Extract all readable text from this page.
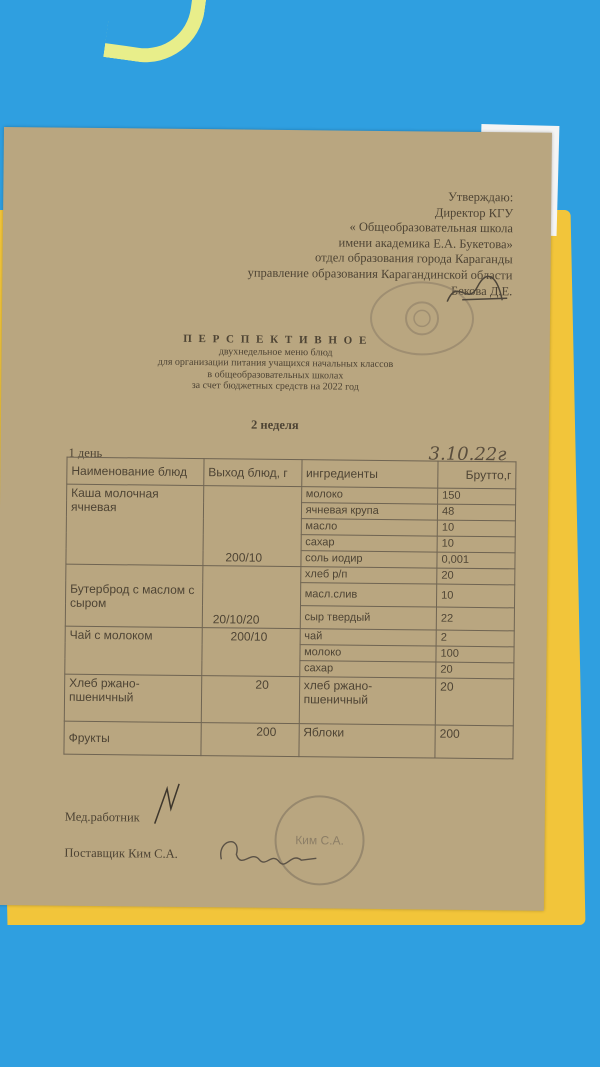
Утверждаю:
Директор КГУ
« Общеобразовательная школа
имени академика Е.А. Букетова»
отдел образования города Караганды
управление образования Карагандинской области
Бекова Д.Е.
П Е Р С П Е К Т И В Н О Е
двухнедельное меню блюд
для организации питания учащихся начальных классов
в общеобразовательных школах
за счет бюджетных средств на 2022 год
2 неделя
1 день	3.10.22г
Наименование блюд	Выход блюд, г	ингредиенты	Брутто,г
Каша молочная ячневая	200/10	молоко	150
		ячневая крупа	48
		масло	10
		сахар	10
		соль иодир	0,001
Бутерброд с маслом с сыром	20/10/20	хлеб р/п	20
		масл.слив	10
		сыр твердый	22
Чай с молоком	200/10	чай	2
		молоко	100
		сахар	20
Хлеб ржано-пшеничный	20	хлеб ржано-пшеничный	20
Фрукты	200	Яблоки	200
Мед.работник
Поставщик Ким С.А.
Ким С.А.
